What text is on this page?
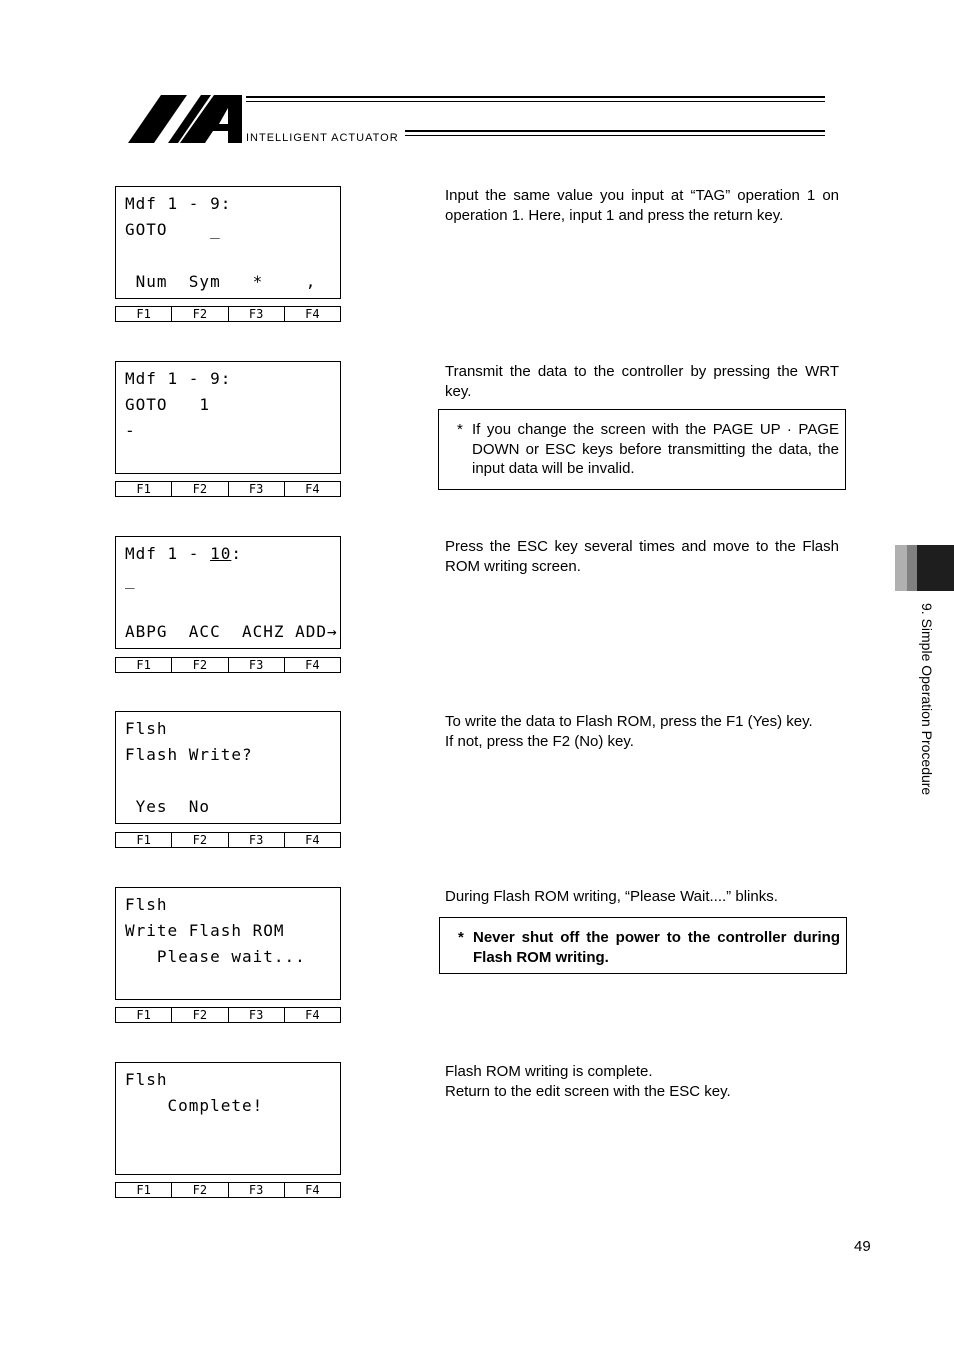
INTELLIGENT ACTUATOR
Mdf 1 - 9:
GOTO    _
Num  Sym   *    ,
F1	F2	F3	F4

Input the same value you input at “TAG” operation 1 on operation 1. Here, input 1 and press the return key.

Mdf 1 - 9:
GOTO   1
-
F1	F2	F3	F4

Transmit the data to the controller by pressing the WRT key.

* If you change the screen with the PAGE UP · PAGE DOWN or ESC keys before transmitting the data, the input data will be invalid.
Mdf 1 - 10:
_
ABPG  ACC  ACHZ ADD→
F1	F2	F3	F4

Press the ESC key several times and move to the Flash ROM writing screen.

Flsh
Flash Write?
Yes  No
F1	F2	F3	F4

To write the data to Flash ROM, press the F1 (Yes) key.

If not, press the F2 (No) key.

Flsh
Write Flash ROM
Please wait...
F1	F2	F3	F4

During Flash ROM writing, “Please Wait....” blinks.

* Never shut off the power to the controller during Flash ROM writing.
Flsh
Complete!
F1	F2	F3	F4

Flash ROM writing is complete.

Return to the edit screen with the ESC key.

9. Simple Operation Procedure
49
